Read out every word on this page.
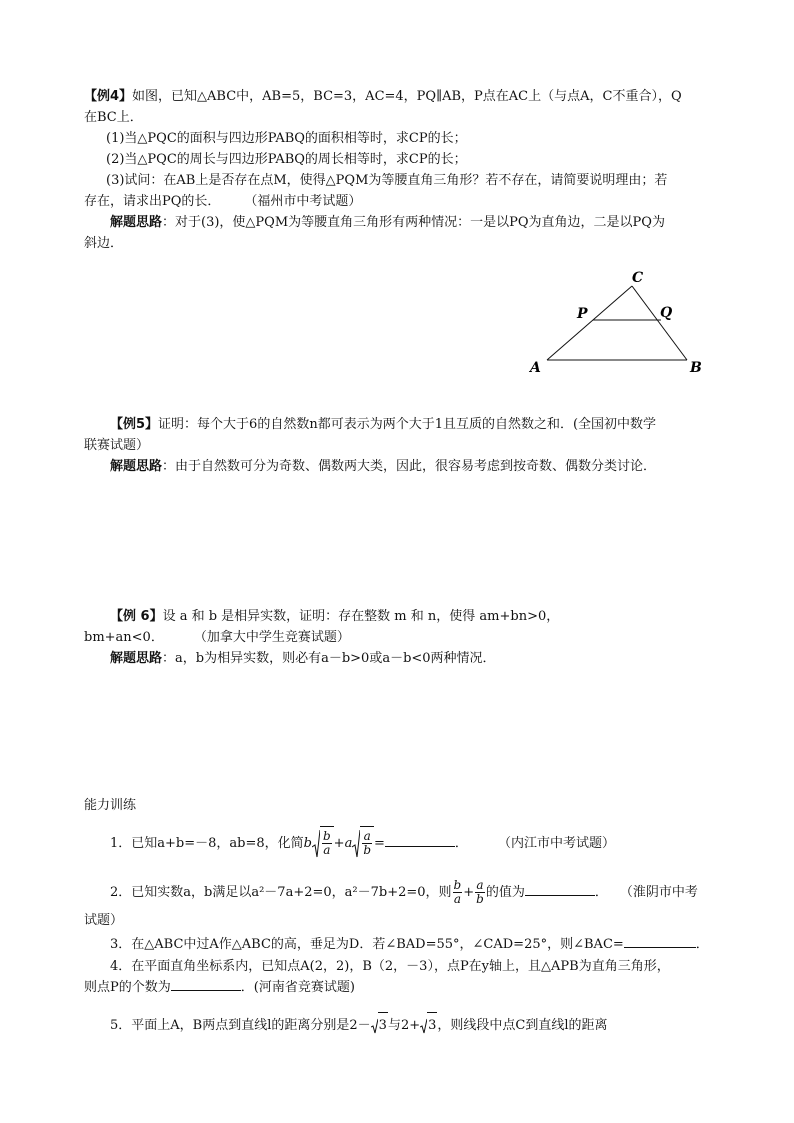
【例4】如图，已知△ABC中，AB=5，BC=3，AC=4，PQ∥AB，P点在AC上（与点A，C不重合），Q
在BC上．
(1)当△PQC的面积与四边形PABQ的面积相等时，求CP的长；
(2)当△PQC的周长与四边形PABQ的周长相等时，求CP的长；
(3)试问：在AB上是否存在点M，使得△PQM为等腰直角三角形？若不存在，请简要说明理由；若
存在，请求出PQ的长． （福州市中考试题）
解题思路：对于(3)，使△PQM为等腰直角三角形有两种情况：一是以PQ为直角边，二是以PQ为
斜边．
C
P	Q
A	B
【例5】证明：每个大于6的自然数n都可表示为两个大于1且互质的自然数之和．(全国初中数学
联赛试题）
解题思路：由于自然数可分为奇数、偶数两大类，因此，很容易考虑到按奇数、偶数分类讨论．
【例 6】设 a 和 b 是相异实数，证明：存在整数 m 和 n，使得 am+bn>0，
bm+an<0． （加拿大中学生竞赛试题）
解题思路：a，b为相异实数，则必有a－b>0或a－b<0两种情况．
能力训练
1．已知a+b=－8，ab=8，化简b $\frac{b}{a} +a \frac{a}{b}$ =	． （内江市中考试题）
2．已知实数a，b满足以a²－7a+2=0，a²－7b+2=0，则 $\frac{b}{a} + \frac{a}{b}$ 的值为	． （淮阴市中考
试题）
3．在△ABC中过A作△ABC的高，垂足为D．若∠BAD=55°，∠CAD=25°，则∠BAC=	．
4．在平面直角坐标系内，已知点A(2，2)，B（2，－3），点P在y轴上，且△APB为直角三角形，
则点P的个数为	．(河南省竞赛试题)
5．平面上A，B两点到直线l的距离分别是2－ 3与2+ 3，则线段中点C到直线l的距离
